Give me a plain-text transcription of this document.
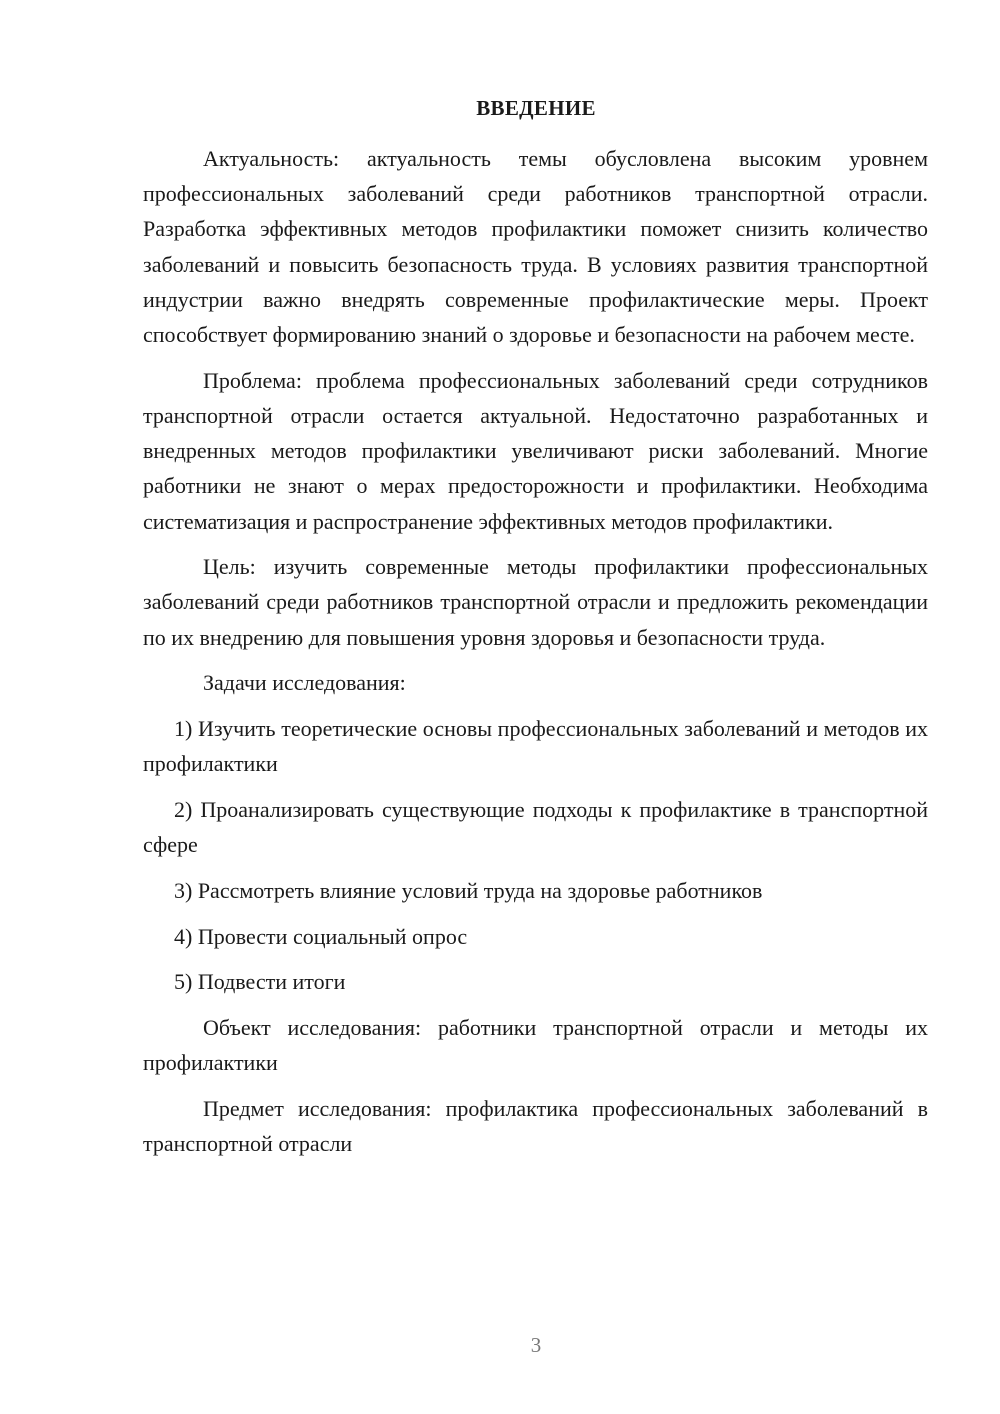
ВВЕДЕНИЕ

Актуальность: актуальность темы обусловлена высоким уровнем профессиональных заболеваний среди работников транспортной отрасли. Разработка эффективных методов профилактики поможет снизить количество заболеваний и повысить безопасность труда. В условиях развития транспортной индустрии важно внедрять современные профилактические меры. Проект способствует формированию знаний о здоровье и безопасности на рабочем месте.

Проблема: проблема профессиональных заболеваний среди сотрудников транспортной отрасли остается актуальной. Недостаточно разработанных и внедренных методов профилактики увеличивают риски заболеваний. Многие работники не знают о мерах предосторожности и профилактики. Необходима систематизация и распространение эффективных методов профилактики.

Цель: изучить современные методы профилактики профессиональных заболеваний среди работников транспортной отрасли и предложить рекомендации по их внедрению для повышения уровня здоровья и безопасности труда.

Задачи исследования:

1) Изучить теоретические основы профессиональных заболеваний и методов их профилактики

2) Проанализировать существующие подходы к профилактике в транспортной сфере

3) Рассмотреть влияние условий труда на здоровье работников

4) Провести социальный опрос

5) Подвести итоги

Объект исследования: работники транспортной отрасли и методы их профилактики

Предмет исследования: профилактика профессиональных заболеваний в транспортной отрасли

3
